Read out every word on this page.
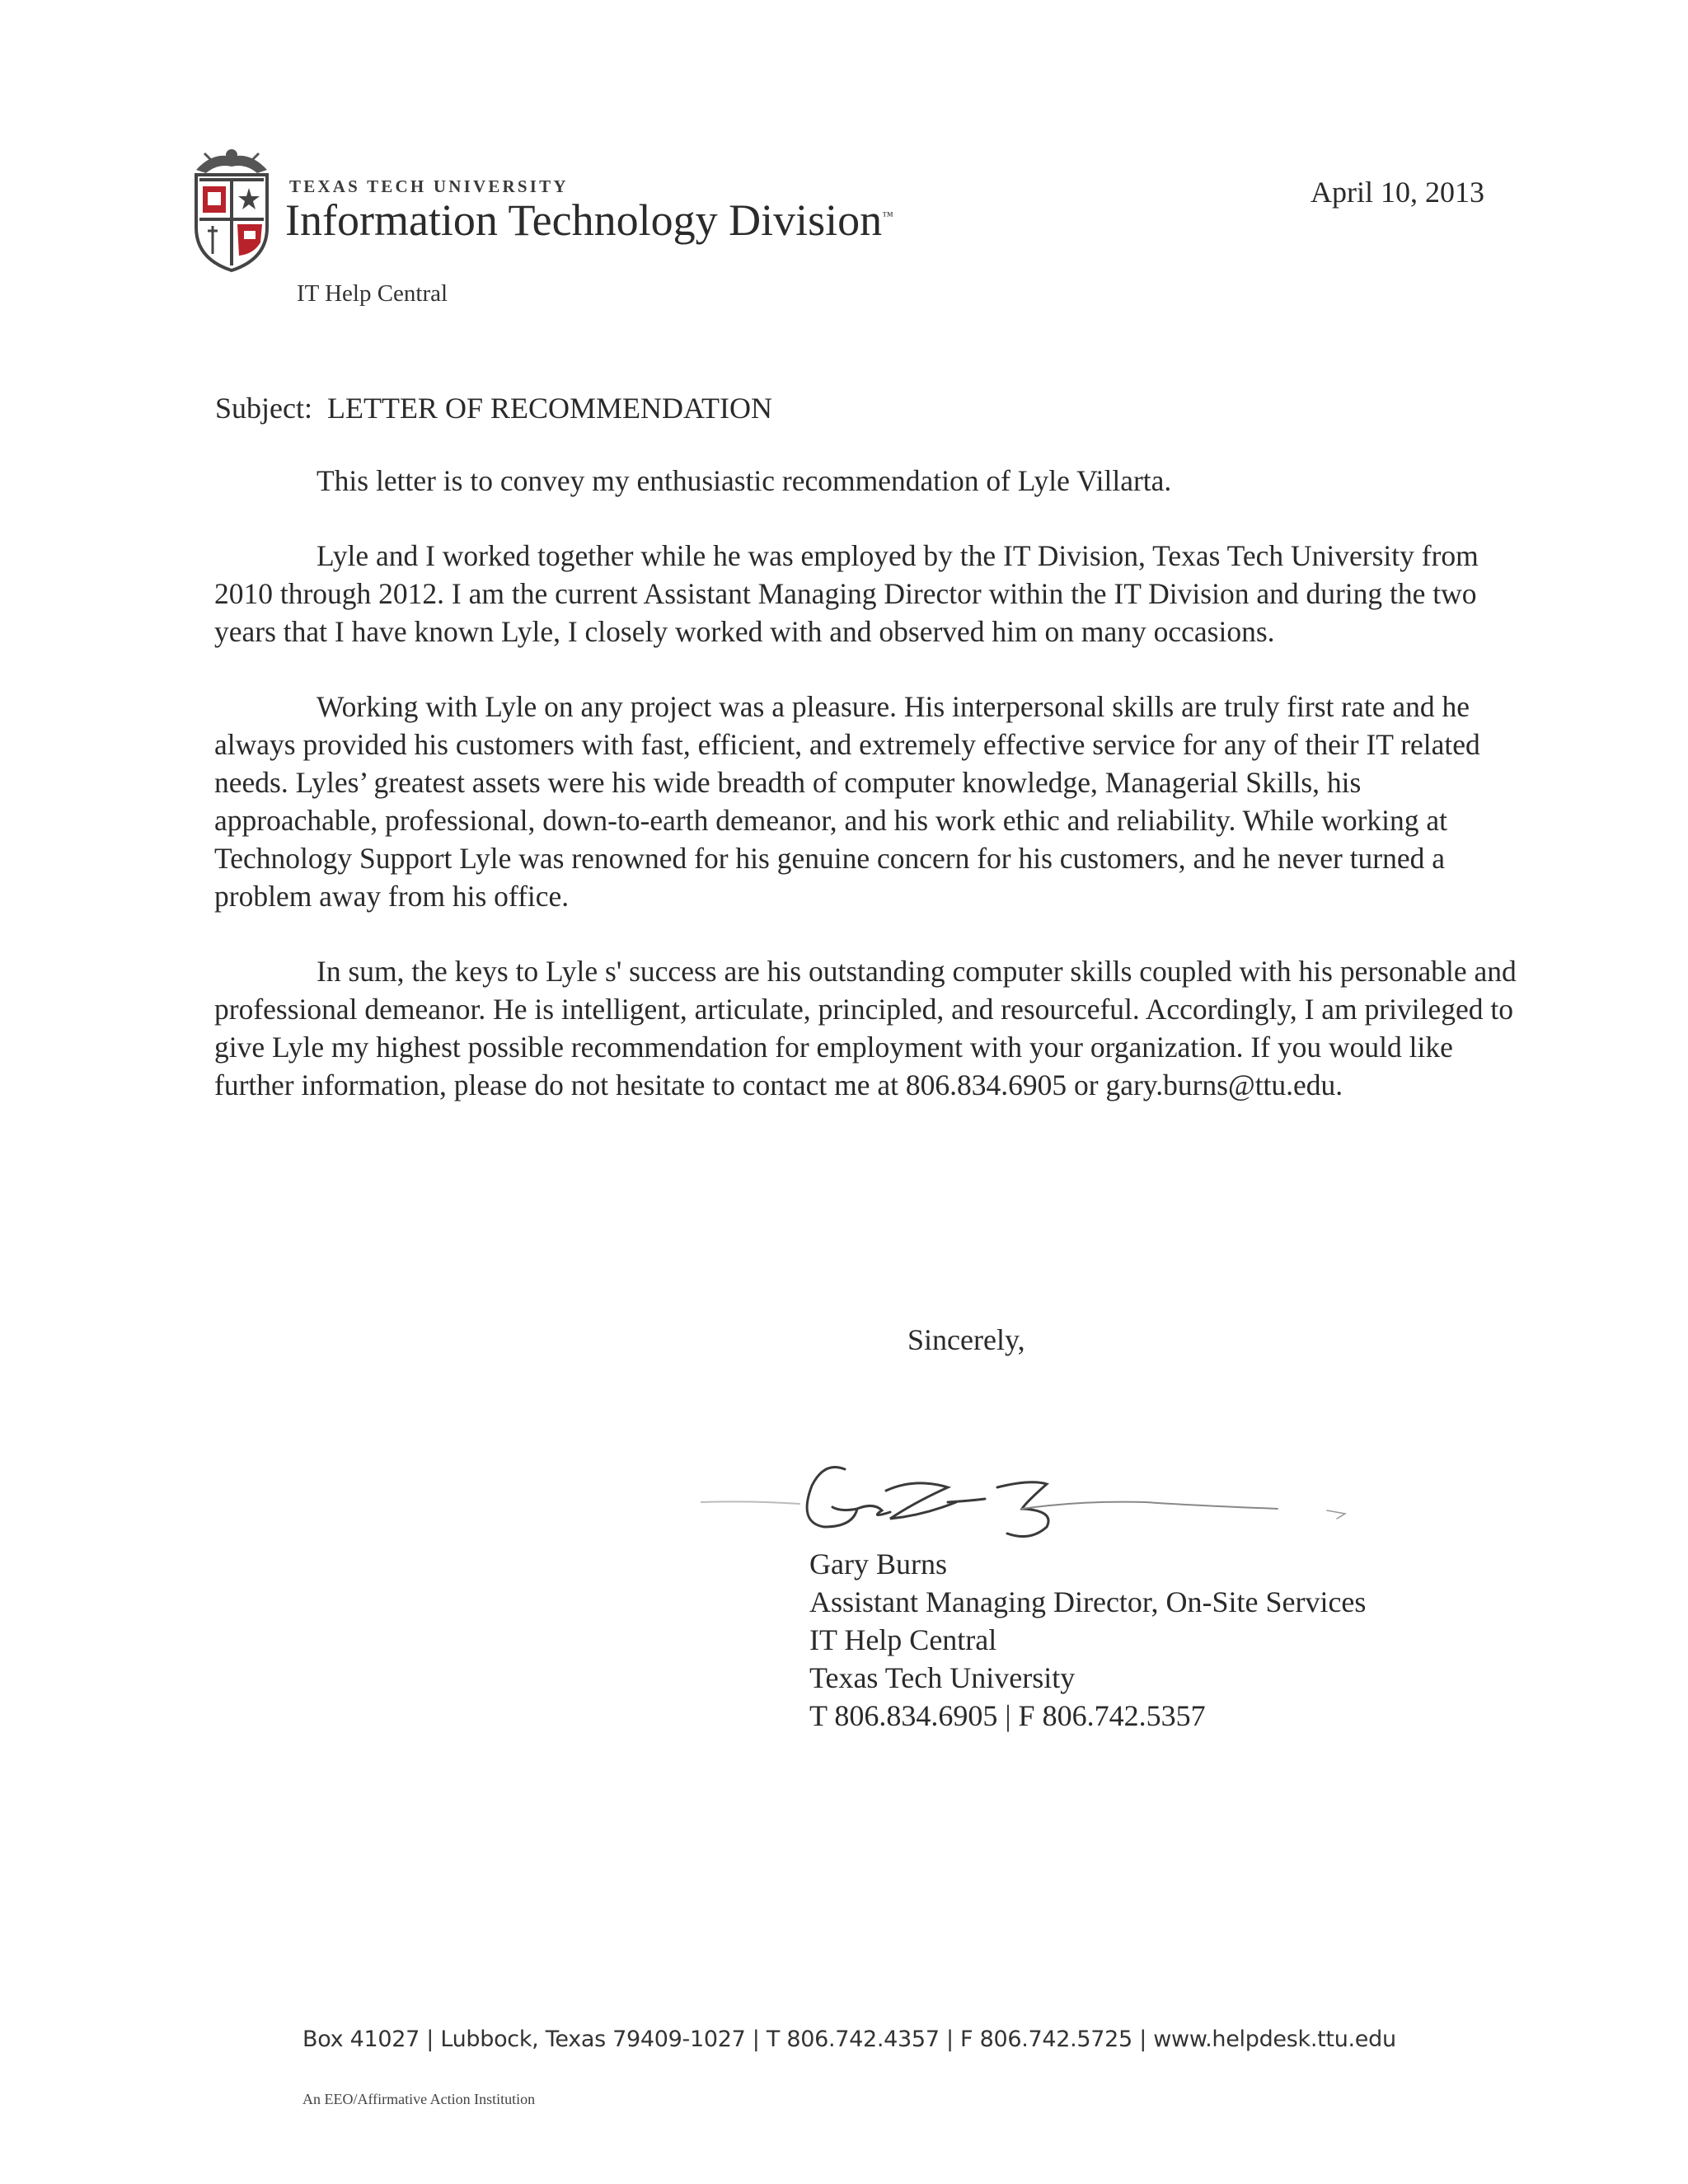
TEXAS TECH UNIVERSITY
Information Technology Division™
IT Help Central
April 10, 2013
Subject: LETTER OF RECOMMENDATION

This letter is to convey my enthusiastic recommendation of Lyle Villarta.

Lyle and I worked together while he was employed by the IT Division, Texas Tech University from 2010 through 2012. I am the current Assistant Managing Director within the IT Division and during the two years that I have known Lyle, I closely worked with and observed him on many occasions.

Working with Lyle on any project was a pleasure. His interpersonal skills are truly first rate and he always provided his customers with fast, efficient, and extremely effective service for any of their IT related needs. Lyles’ greatest assets were his wide breadth of computer knowledge, Managerial Skills, his approachable, professional, down-to-earth demeanor, and his work ethic and reliability. While working at Technology Support Lyle was renowned for his genuine concern for his customers, and he never turned a problem away from his office.

In sum, the keys to Lyle s' success are his outstanding computer skills coupled with his personable and professional demeanor. He is intelligent, articulate, principled, and resourceful. Accordingly, I am privileged to give Lyle my highest possible recommendation for employment with your organization. If you would like further information, please do not hesitate to contact me at 806.834.6905 or gary.burns@ttu.edu.

Sincerely,
Gary Burns
Assistant Managing Director, On-Site Services
IT Help Central
Texas Tech University
T 806.834.6905 | F 806.742.5357
Box 41027 | Lubbock, Texas 79409-1027 | T 806.742.4357 | F 806.742.5725 | www.helpdesk.ttu.edu
An EEO/Affirmative Action Institution
